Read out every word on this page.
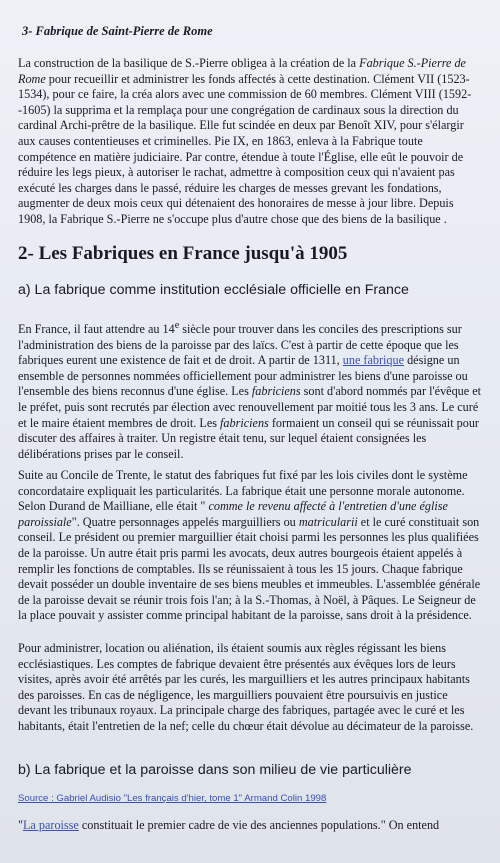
3- Fabrique de Saint-Pierre de Rome

La construction de la basilique de S.-Pierre obligea à la création de la Fabrique S.-Pierre de Rome pour recueillir et administrer les fonds affectés à cette destination. Clément VII (1523-1534), pour ce faire, la créa alors avec une commission de 60 membres. Clément VIII (1592--1605) la supprima et la remplaça pour une congrégation de cardinaux sous la direction du cardinal Archi-prêtre de la basilique. Elle fut scindée en deux par Benoît XIV, pour s'élargir aux causes contentieuses et criminelles. Pie IX, en 1863, enleva à la Fabrique toute compétence en matière judiciaire. Par contre, étendue à toute l'Église, elle eût le pouvoir de réduire les legs pieux, à autoriser le rachat, admettre à composition ceux qui n'avaient pas exécuté les charges dans le passé, réduire les charges de messes grevant les fondations, augmenter de deux mois ceux qui détenaient des honoraires de messe à jour libre. Depuis 1908, la Fabrique S.-Pierre ne s'occupe plus d'autre chose que des biens de la basilique .

2- Les Fabriques en France jusqu'à 1905
a) La fabrique comme institution ecclésiale officielle en France

En France, il faut attendre au 14e siècle pour trouver dans les conciles des prescriptions sur l'administration des biens de la paroisse par des laïcs. C'est à partir de cette époque que les fabriques eurent une existence de fait et de droit. A partir de 1311, une fabrique désigne un ensemble de personnes nommées officiellement pour administrer les biens d'une paroisse ou l'ensemble des biens reconnus d'une église. Les fabriciens sont d'abord nommés par l'évêque et le préfet, puis sont recrutés par élection avec renouvellement par moitié tous les 3 ans. Le curé et le maire étaient membres de droit. Les fabriciens formaient un conseil qui se réunissait pour discuter des affaires à traiter. Un registre était tenu, sur lequel étaient consignées les délibérations prises par le conseil.

Suite au Concile de Trente, le statut des fabriques fut fixé par les lois civiles dont le système concordataire expliquait les particularités. La fabrique était une personne morale autonome. Selon Durand de Mailliane, elle était " comme le revenu affecté à l'entretien d'une église paroissiale". Quatre personnages appelés marguilliers ou matricularii et le curé constituait son conseil. Le président ou premier marguillier était choisi parmi les personnes les plus qualifiées de la paroisse. Un autre était pris parmi les avocats, deux autres bourgeois étaient appelés à remplir les fonctions de comptables. Ils se réunissaient à tous les 15 jours. Chaque fabrique devait posséder un double inventaire de ses biens meubles et immeubles. L'assemblée générale de la paroisse devait se réunir trois fois l'an; à la S.-Thomas, à Noël, à Pâques. Le Seigneur de la place pouvait y assister comme principal habitant de la paroisse, sans droit à la présidence.

Pour administrer, location ou aliénation, ils étaient soumis aux règles régissant les biens ecclésiastiques. Les comptes de fabrique devaient être présentés aux évêques lors de leurs visites, après avoir été arrêtés par les curés, les marguilliers et les autres principaux habitants des paroisses. En cas de négligence, les marguilliers pouvaient être poursuivis en justice devant les tribunaux royaux. La principale charge des fabriques, partagée avec le curé et les habitants, était l'entretien de la nef; celle du chœur était dévolue au décimateur de la paroisse.

b) La fabrique et la paroisse dans son milieu de vie particulière
Source : Gabriel Audisio "Les français d'hier, tome 1" Armand Colin 1998

"La paroisse constituait le premier cadre de vie des anciennes populations." On entend
